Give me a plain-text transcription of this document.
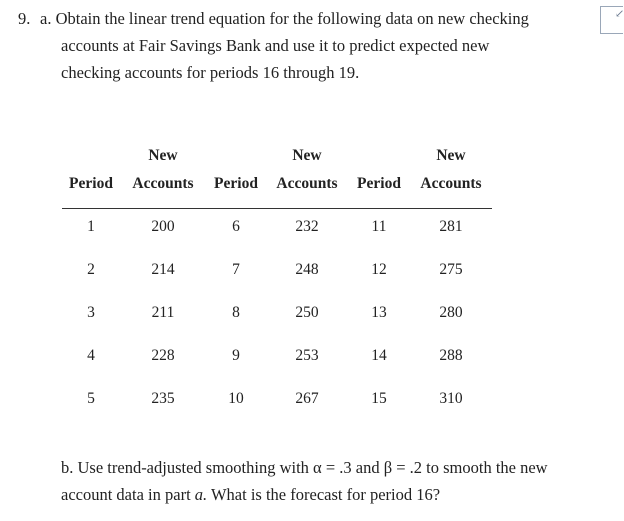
9. a. Obtain the linear trend equation for the following data on new checking
accounts at Fair Savings Bank and use it to predict expected new
checking accounts for periods 16 through 19.
↙
New	New	New
Period Accounts Period Accounts Period Accounts
1	200	6	232	11	281
2	214	7	248	12	275
3	211	8	250	13	280
4	228	9	253	14	288
5	235	10	267	15	310
b. Use trend-adjusted smoothing with α = .3 and β = .2 to smooth the new
account data in part a. What is the forecast for period 16?
